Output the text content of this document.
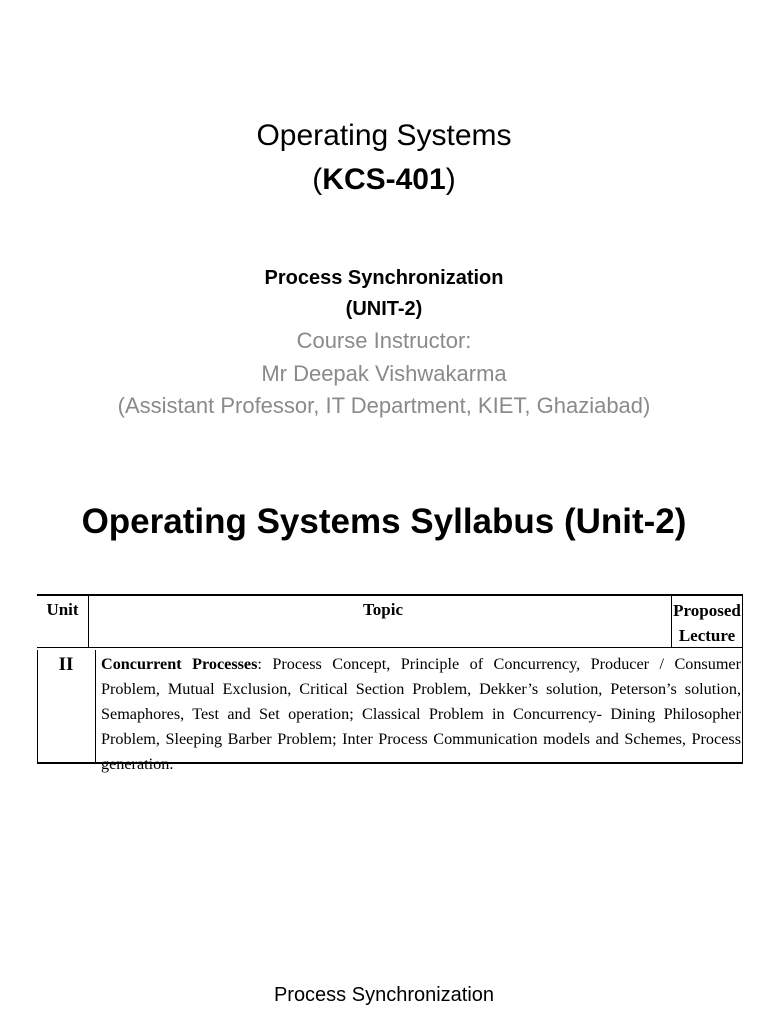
Operating Systems
(KCS-401)
Process Synchronization
(UNIT-2)
Course Instructor:
Mr Deepak Vishwakarma
(Assistant Professor, IT Department, KIET, Ghaziabad)
Operating Systems Syllabus (Unit-2)
Unit	Topic	Proposed
Lecture
II	Concurrent Processes: Process Concept, Principle of Concurrency, Producer / Consumer Problem, Mutual Exclusion, Critical Section Problem, Dekker’s solution, Peterson’s solution, Semaphores, Test and Set operation; Classical Problem in Concurrency- Dining Philosopher Problem, Sleeping Barber Problem; Inter Process Communication models and Schemes, Process generation.
Process Synchronization
